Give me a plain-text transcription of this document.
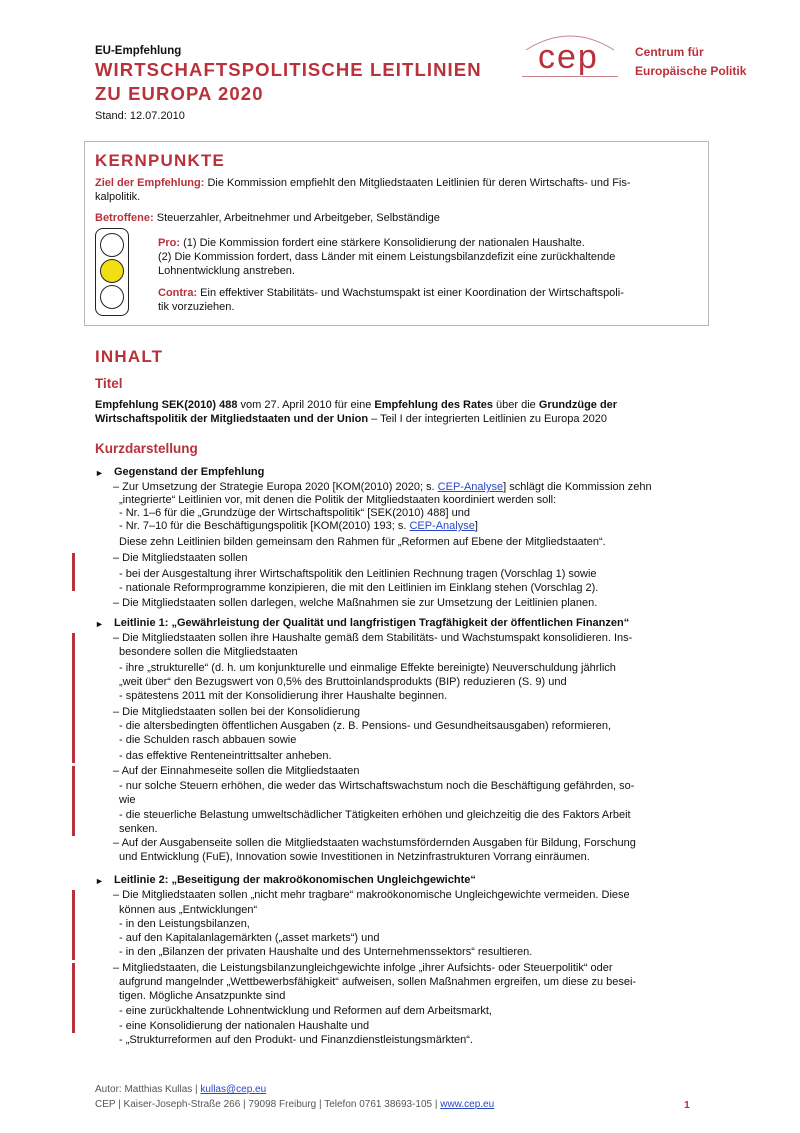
EU-Empfehlung
WIRTSCHAFTSPOLITISCHE LEITLINIEN
ZU EUROPA 2020
Stand: 12.07.2010
cep	Centrum für
Europäische Politik
KERNPUNKTE
Ziel der Empfehlung: Die Kommission empfiehlt den Mitgliedstaaten Leitlinien für deren Wirtschafts- und Fis-
kalpolitik.
Betroffene: Steuerzahler, Arbeitnehmer und Arbeitgeber, Selbständige
Pro: (1) Die Kommission fordert eine stärkere Konsolidierung der nationalen Haushalte.
(2) Die Kommission fordert, dass Länder mit einem Leistungsbilanzdefizit eine zurückhaltende
Lohnentwicklung anstreben.
Contra: Ein effektiver Stabilitäts- und Wachstumspakt ist einer Koordination der Wirtschaftspoli-
tik vorzuziehen.
INHALT
Titel
Empfehlung SEK(2010) 488 vom 27. April 2010 für eine Empfehlung des Rates über die Grundzüge der
Wirtschaftspolitik der Mitgliedstaaten und der Union – Teil I der integrierten Leitlinien zu Europa 2020
Kurzdarstellung
► Gegenstand der Empfehlung
– Zur Umsetzung der Strategie Europa 2020 [KOM(2010) 2020; s. CEP-Analyse] schlägt die Kommission zehn
„integrierte“ Leitlinien vor, mit denen die Politik der Mitgliedstaaten koordiniert werden soll:
- Nr. 1–6 für die „Grundzüge der Wirtschaftspolitik“ [SEK(2010) 488] und
- Nr. 7–10 für die Beschäftigungspolitik [KOM(2010) 193; s. CEP-Analyse]
Diese zehn Leitlinien bilden gemeinsam den Rahmen für „Reformen auf Ebene der Mitgliedstaaten“.
– Die Mitgliedstaaten sollen
- bei der Ausgestaltung ihrer Wirtschaftspolitik den Leitlinien Rechnung tragen (Vorschlag 1) sowie
- nationale Reformprogramme konzipieren, die mit den Leitlinien im Einklang stehen (Vorschlag 2).
– Die Mitgliedstaaten sollen darlegen, welche Maßnahmen sie zur Umsetzung der Leitlinien planen.
► Leitlinie 1: „Gewährleistung der Qualität und langfristigen Tragfähigkeit der öffentlichen Finanzen“
– Die Mitgliedstaaten sollen ihre Haushalte gemäß dem Stabilitäts- und Wachstumspakt konsolidieren. Ins-
besondere sollen die Mitgliedstaaten
- ihre „strukturelle“ (d. h. um konjunkturelle und einmalige Effekte bereinigte) Neuverschuldung jährlich
„weit über“ den Bezugswert von 0,5% des Bruttoinlandsprodukts (BIP) reduzieren (S. 9) und
- spätestens 2011 mit der Konsolidierung ihrer Haushalte beginnen.
– Die Mitgliedstaaten sollen bei der Konsolidierung
- die altersbedingten öffentlichen Ausgaben (z. B. Pensions- und Gesundheitsausgaben) reformieren,
- die Schulden rasch abbauen sowie
- das effektive Renteneintrittsalter anheben.
– Auf der Einnahmeseite sollen die Mitgliedstaaten
- nur solche Steuern erhöhen, die weder das Wirtschaftswachstum noch die Beschäftigung gefährden, so-
wie
- die steuerliche Belastung umweltschädlicher Tätigkeiten erhöhen und gleichzeitig die des Faktors Arbeit
senken.
– Auf der Ausgabenseite sollen die Mitgliedstaaten wachstumsfördernden Ausgaben für Bildung, Forschung
und Entwicklung (FuE), Innovation sowie Investitionen in Netzinfrastrukturen Vorrang einräumen.
► Leitlinie 2: „Beseitigung der makroökonomischen Ungleichgewichte“
– Die Mitgliedstaaten sollen „nicht mehr tragbare“ makroökonomische Ungleichgewichte vermeiden. Diese
können aus „Entwicklungen“
- in den Leistungsbilanzen,
- auf den Kapitalanlagemärkten („asset markets“) und
- in den „Bilanzen der privaten Haushalte und des Unternehmenssektors“ resultieren.
– Mitgliedstaaten, die Leistungsbilanzungleichgewichte infolge „ihrer Aufsichts- oder Steuerpolitik“ oder
aufgrund mangelnder „Wettbewerbsfähigkeit“ aufweisen, sollen Maßnahmen ergreifen, um diese zu besei-
tigen. Mögliche Ansatzpunkte sind
- eine zurückhaltende Lohnentwicklung und Reformen auf dem Arbeitsmarkt,
- eine Konsolidierung der nationalen Haushalte und
- „Strukturreformen auf den Produkt- und Finanzdienstleistungsmärkten“.
Autor: Matthias Kullas | kullas@cep.eu
CEP | Kaiser-Joseph-Straße 266 | 79098 Freiburg | Telefon 0761 38693-105 | www.cep.eu	1
